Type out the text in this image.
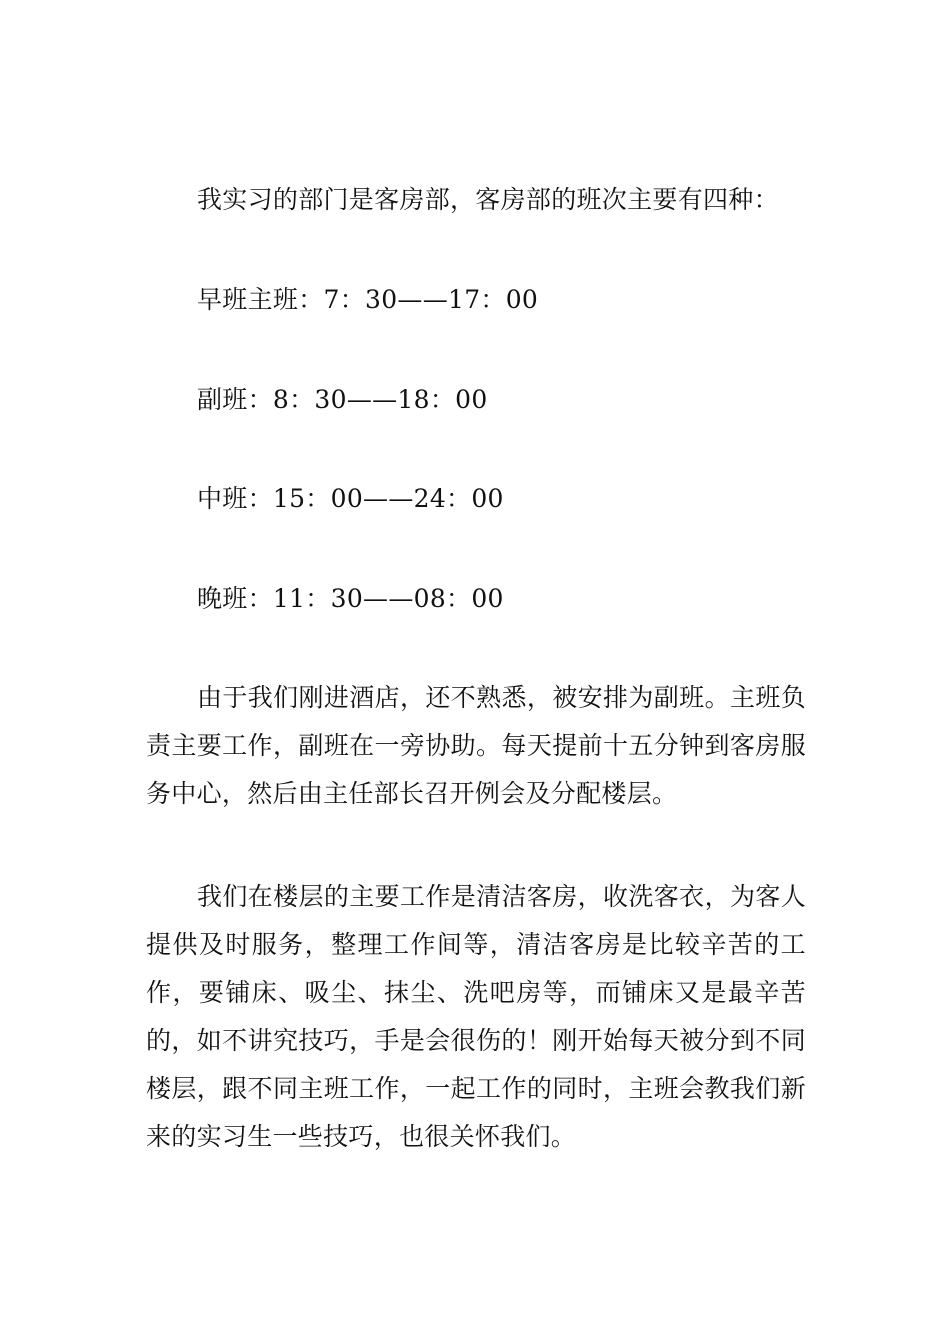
我实习的部门是客房部，客房部的班次主要有四种：
早班主班：7：30——17：00
副班：8：30——18：00
中班：15：00——24：00
晚班：11：30——08：00
由于我们刚进酒店，还不熟悉，被安排为副班。主班负责主要工作，副班在一旁协助。每天提前十五分钟到客房服务中心，然后由主任部长召开例会及分配楼层。
我们在楼层的主要工作是清洁客房，收洗客衣，为客人提供及时服务，整理工作间等，清洁客房是比较辛苦的工作，要铺床、吸尘、抹尘、洗吧房等，而铺床又是最辛苦的，如不讲究技巧，手是会很伤的！刚开始每天被分到不同楼层，跟不同主班工作，一起工作的同时，主班会教我们新来的实习生一些技巧，也很关怀我们。
